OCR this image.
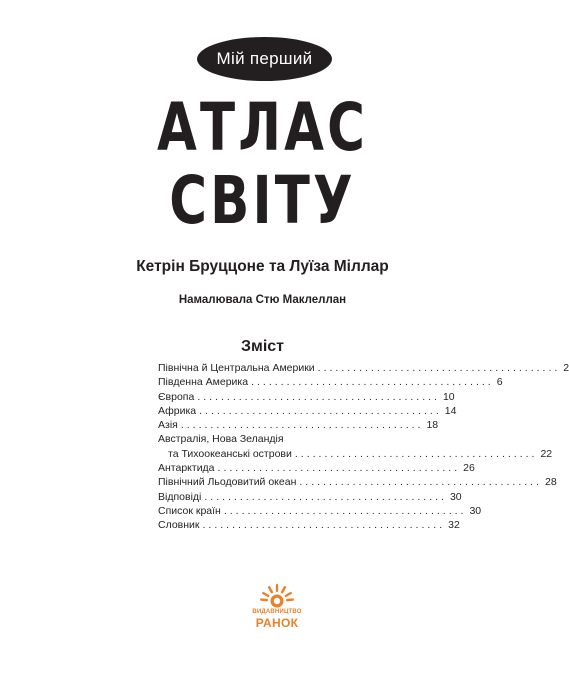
Мій перший
АТЛАС
СВІТУ
Кетрін Бруццоне та Луїза Міллар
Намалювала Стю Маклеллан
Зміст
Північна й Центральна Америки ......................................... 2
Південна Америка ......................................... 6
Європа ......................................... 10
Африка ......................................... 14
Азія ......................................... 18
Австралія, Нова Зеландія
та Тихоокеанські острови ......................................... 22
Антарктида ......................................... 26
Північний Льодовитий океан ......................................... 28
Відповіді ......................................... 30
Список країн ......................................... 30
Словник ......................................... 32
ВИДАВНИЦТВО
РАНОК
